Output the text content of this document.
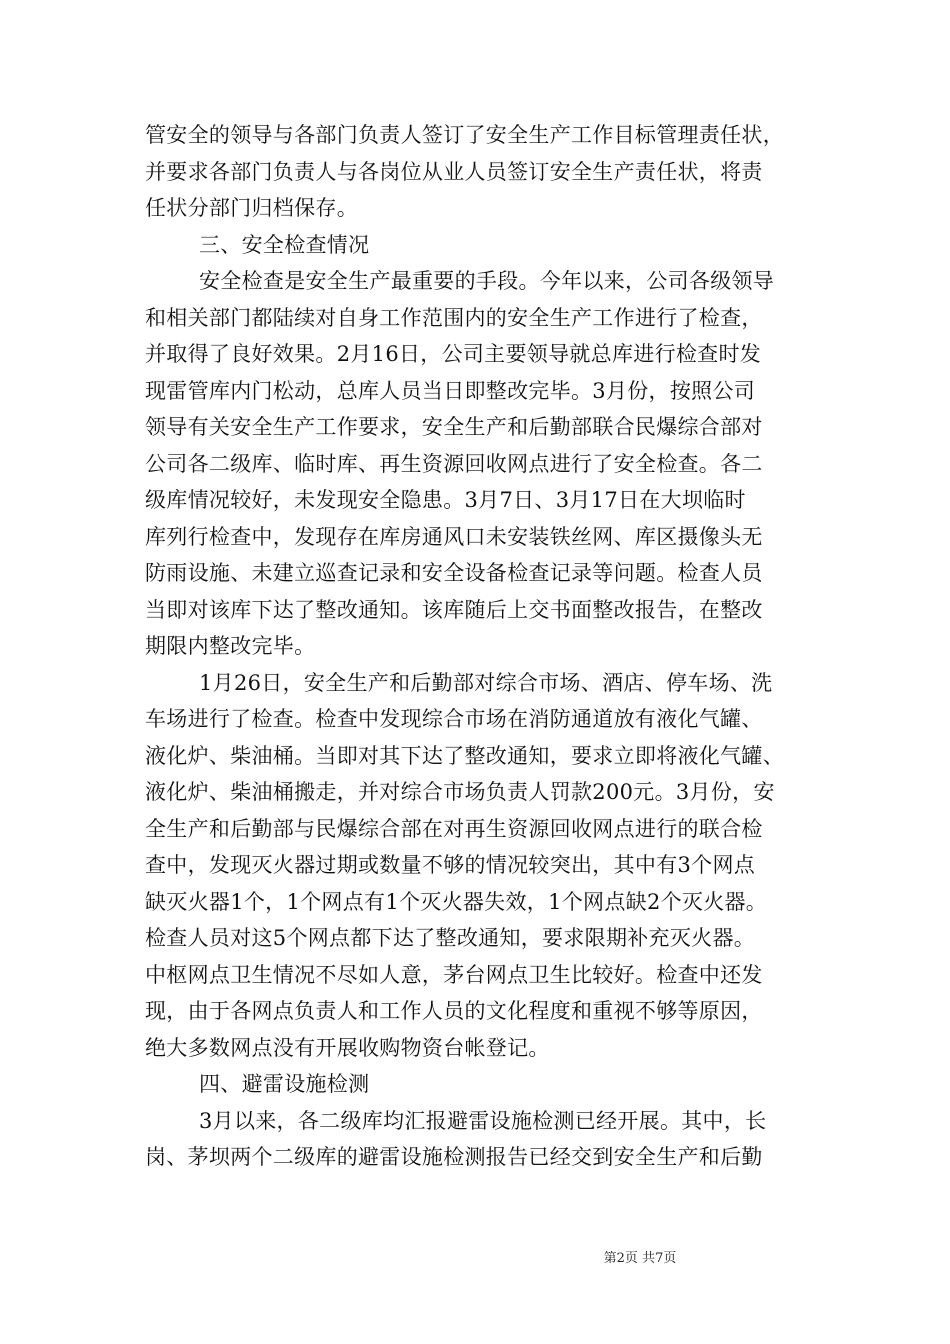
管安全的领导与各部门负责人签订了安全生产工作目标管理责任状，
并要求各部门负责人与各岗位从业人员签订安全生产责任状，将责
任状分部门归档保存。
三、安全检查情况
安全检查是安全生产最重要的手段。今年以来，公司各级领导
和相关部门都陆续对自身工作范围内的安全生产工作进行了检查，
并取得了良好效果。2月16日，公司主要领导就总库进行检查时发
现雷管库内门松动，总库人员当日即整改完毕。3月份，按照公司
领导有关安全生产工作要求，安全生产和后勤部联合民爆综合部对
公司各二级库、临时库、再生资源回收网点进行了安全检查。各二
级库情况较好，未发现安全隐患。3月7日、3月17日在大坝临时
库列行检查中，发现存在库房通风口未安装铁丝网、库区摄像头无
防雨设施、未建立巡查记录和安全设备检查记录等问题。检查人员
当即对该库下达了整改通知。该库随后上交书面整改报告，在整改
期限内整改完毕。
1月26日，安全生产和后勤部对综合市场、酒店、停车场、洗
车场进行了检查。检查中发现综合市场在消防通道放有液化气罐、
液化炉、柴油桶。当即对其下达了整改通知，要求立即将液化气罐、
液化炉、柴油桶搬走，并对综合市场负责人罚款200元。3月份，安
全生产和后勤部与民爆综合部在对再生资源回收网点进行的联合检
查中，发现灭火器过期或数量不够的情况较突出，其中有3个网点
缺灭火器1个，1个网点有1个灭火器失效，1个网点缺2个灭火器。
检查人员对这5个网点都下达了整改通知，要求限期补充灭火器。
中枢网点卫生情况不尽如人意，茅台网点卫生比较好。检查中还发
现，由于各网点负责人和工作人员的文化程度和重视不够等原因，
绝大多数网点没有开展收购物资台帐登记。
四、避雷设施检测
3月以来，各二级库均汇报避雷设施检测已经开展。其中，长
岗、茅坝两个二级库的避雷设施检测报告已经交到安全生产和后勤
第2页 共7页
